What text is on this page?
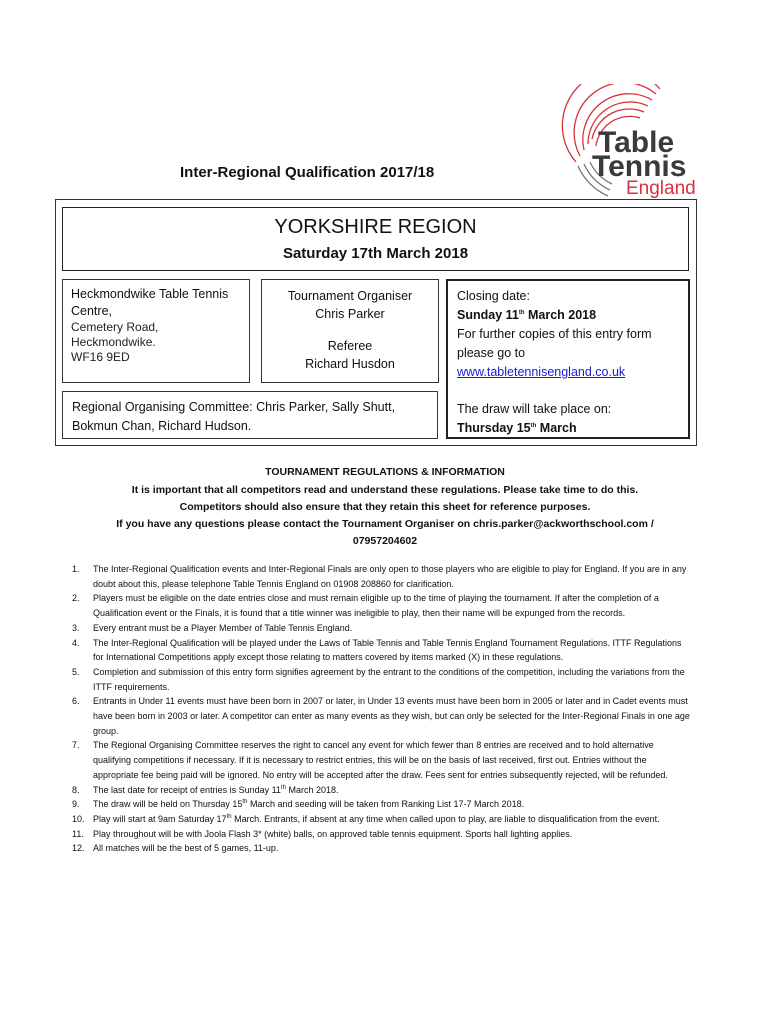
Table
Tennis
England
Inter-Regional Qualification 2017/18
YORKSHIRE REGION
Saturday 17th March 2018
Heckmondwike Table Tennis
Centre,
Cemetery Road,
Heckmondwike.
WF16 9ED
Tournament Organiser
Chris Parker
Referee
Richard Husdon
Closing date:
Sunday 11th March 2018
For further copies of this entry form
please go to
www.tabletennisengland.co.uk
The draw will take place on:
Thursday 15th March
Regional Organising Committee: Chris Parker, Sally Shutt, Bokmun Chan, Richard Hudson.
TOURNAMENT REGULATIONS & INFORMATION
It is important that all competitors read and understand these regulations. Please take time to do this.
Competitors should also ensure that they retain this sheet for reference purposes.
If you have any questions please contact the Tournament Organiser on chris.parker@ackworthschool.com /
07957204602
1.	The Inter-Regional Qualification events and Inter-Regional Finals are only open to those players who are eligible to play for England. If you are in any doubt about this, please telephone Table Tennis England on 01908 208860 for clarification.
2.	Players must be eligible on the date entries close and must remain eligible up to the time of playing the tournament. If after the completion of a Qualification event or the Finals, it is found that a title winner was ineligible to play, then their name will be expunged from the records.
3.	Every entrant must be a Player Member of Table Tennis England.
4.	The Inter-Regional Qualification will be played under the Laws of Table Tennis and Table Tennis England Tournament Regulations. ITTF Regulations for International Competitions apply except those relating to matters covered by items marked (X) in these regulations.
5.	Completion and submission of this entry form signifies agreement by the entrant to the conditions of the competition, including the variations from the ITTF requirements.
6.	Entrants in Under 11 events must have been born in 2007 or later, in Under 13 events must have been born in 2005 or later and in Cadet events must have been born in 2003 or later. A competitor can enter as many events as they wish, but can only be selected for the Inter-Regional Finals in one age group.
7.	The Regional Organising Committee reserves the right to cancel any event for which fewer than 8 entries are received and to hold alternative qualifying competitions if necessary. If it is necessary to restrict entries, this will be on the basis of last received, first out. Entries without the appropriate fee being paid will be ignored. No entry will be accepted after the draw. Fees sent for entries subsequently rejected, will be refunded.
8.	The last date for receipt of entries is Sunday 11th March 2018.
9.	The draw will be held on Thursday 15th March and seeding will be taken from Ranking List 17-7 March 2018.
10. Play will start at 9am Saturday 17th March. Entrants, if absent at any time when called upon to play, are liable to disqualification from the event.
11.	Play throughout will be with Joola Flash 3* (white) balls, on approved table tennis equipment. Sports hall lighting applies.
12. All matches will be the best of 5 games, 11-up.
